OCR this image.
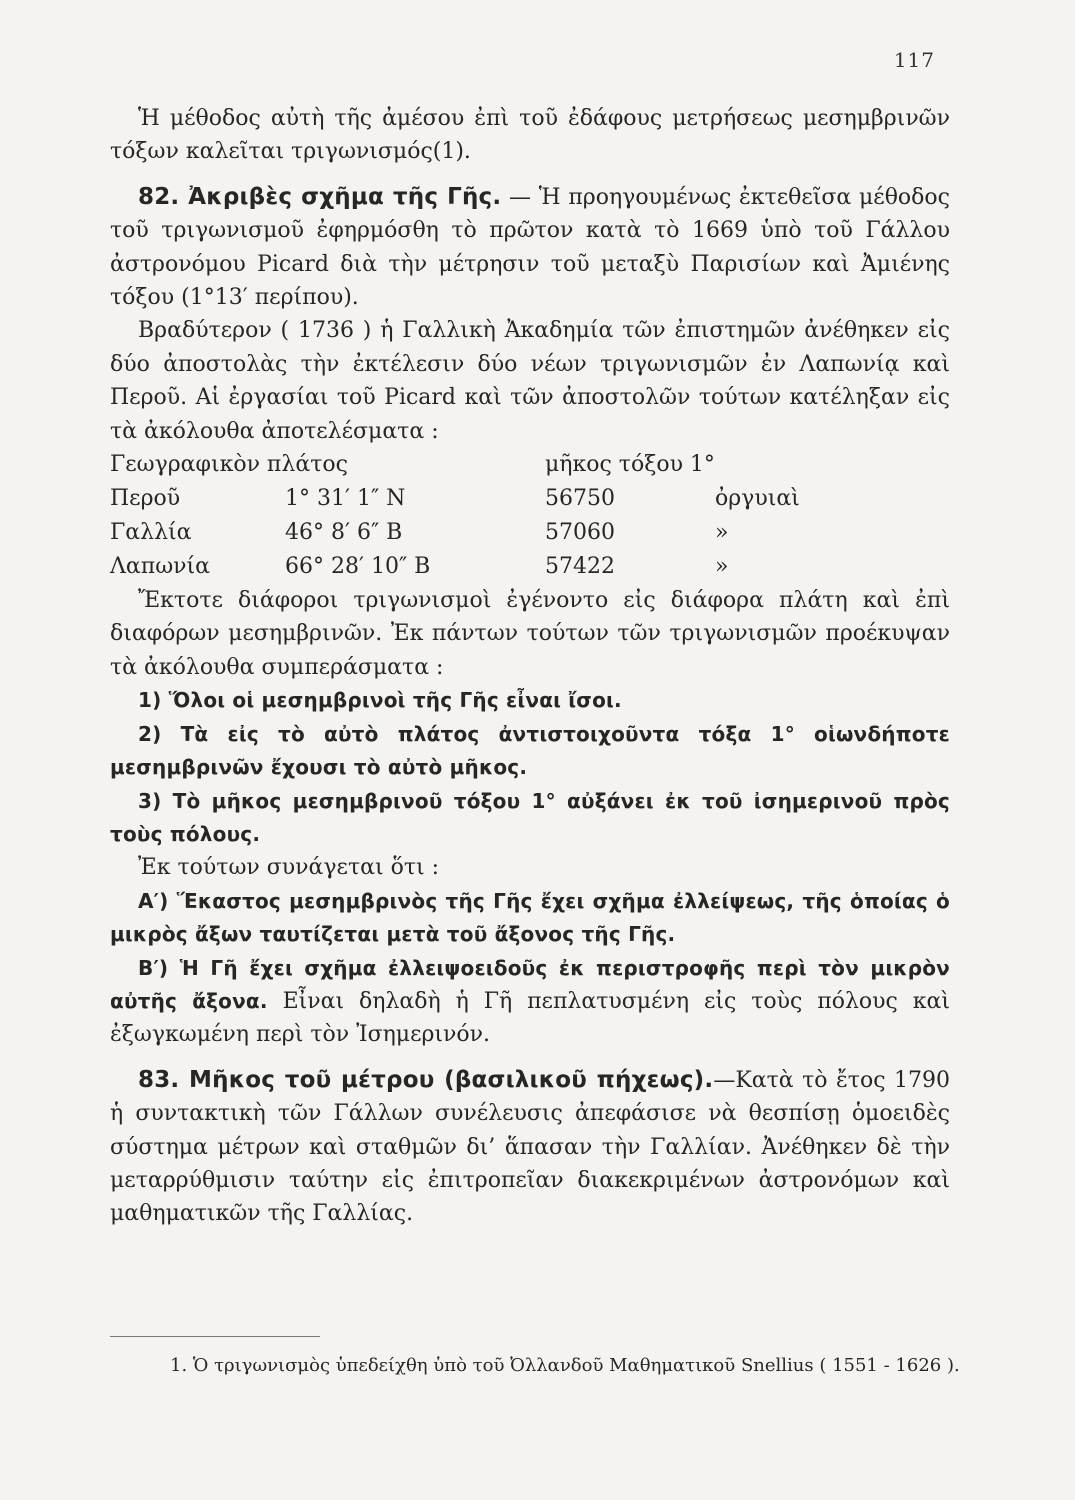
117

Ἡ μέθοδος αὐτὴ τῆς ἀμέσου ἐπὶ τοῦ ἐδάφους μετρήσεως μεσημβρινῶν τόξων καλεῖται τριγωνισμός(1).

82. Ἀκριβὲς σχῆμα τῆς Γῆς. — Ἡ προηγουμένως ἐκτεθεῖσα μέθοδος τοῦ τριγωνισμοῦ ἐφηρμόσθη τὸ πρῶτον κατὰ τὸ 1669 ὑπὸ τοῦ Γάλλου ἀστρονόμου Picard διὰ τὴν μέτρησιν τοῦ μεταξὺ Παρισίων καὶ Ἀμιένης τόξου (1°13′ περίπου).

Βραδύτερον ( 1736 ) ἡ Γαλλικὴ Ἀκαδημία τῶν ἐπιστημῶν ἀνέθηκεν εἰς δύο ἀποστολὰς τὴν ἐκτέλεσιν δύο νέων τριγωνισμῶν ἐν Λαπωνίᾳ καὶ Περοῦ. Αἱ ἐργασίαι τοῦ Picard καὶ τῶν ἀποστολῶν τούτων κατέληξαν εἰς τὰ ἀκόλουθα ἀποτελέσματα :

Γεωγραφικὸν πλάτος		μῆκος τόξου 1°	
Περοῦ	1° 31′ 1″ N	56750	ὀργυιαὶ
Γαλλία	46° 8′ 6″ B	57060	»
Λαπωνία	66° 28′ 10″ B	57422	»

Ἔκτοτε διάφοροι τριγωνισμοὶ ἐγένοντο εἰς διάφορα πλάτη καὶ ἐπὶ διαφόρων μεσημβρινῶν. Ἐκ πάντων τούτων τῶν τριγωνισμῶν προέκυψαν τὰ ἀκόλουθα συμπεράσματα :

1) Ὅλοι οἱ μεσημβρινοὶ τῆς Γῆς εἶναι ἴσοι.

2) Τὰ εἰς τὸ αὐτὸ πλάτος ἀντιστοιχοῦντα τόξα 1° οἱωνδήποτε μεσημβρινῶν ἔχουσι τὸ αὐτὸ μῆκος.

3) Τὸ μῆκος μεσημβρινοῦ τόξου 1° αὐξάνει ἐκ τοῦ ἰσημερινοῦ πρὸς τοὺς πόλους.

Ἐκ τούτων συνάγεται ὅτι :

Α′) Ἕκαστος μεσημβρινὸς τῆς Γῆς ἔχει σχῆμα ἐλλείψεως, τῆς ὁποίας ὁ μικρὸς ἄξων ταυτίζεται μετὰ τοῦ ἄξονος τῆς Γῆς.

Β′) Ἡ Γῆ ἔχει σχῆμα ἐλλειψοειδοῦς ἐκ περιστροφῆς περὶ τὸν μικρὸν αὐτῆς ἄξονα. Εἶναι δηλαδὴ ἡ Γῆ πεπλατυσμένη εἰς τοὺς πόλους καὶ ἐξωγκωμένη περὶ τὸν Ἰσημερινόν.

83. Μῆκος τοῦ μέτρου (βασιλικοῦ πήχεως).—Κατὰ τὸ ἔτος 1790 ἡ συντακτικὴ τῶν Γάλλων συνέλευσις ἀπεφάσισε νὰ θεσπίσῃ ὁμοειδὲς σύστημα μέτρων καὶ σταθμῶν δι’ ἅπασαν τὴν Γαλλίαν. Ἀνέθηκεν δὲ τὴν μεταρρύθμισιν ταύτην εἰς ἐπιτροπεῖαν διακεκριμένων ἀστρονόμων καὶ μαθηματικῶν τῆς Γαλλίας.

1. Ὁ τριγωνισμὸς ὑπεδείχθη ὑπὸ τοῦ Ὀλλανδοῦ Μαθηματικοῦ Snellius ( 1551 - 1626 ).
